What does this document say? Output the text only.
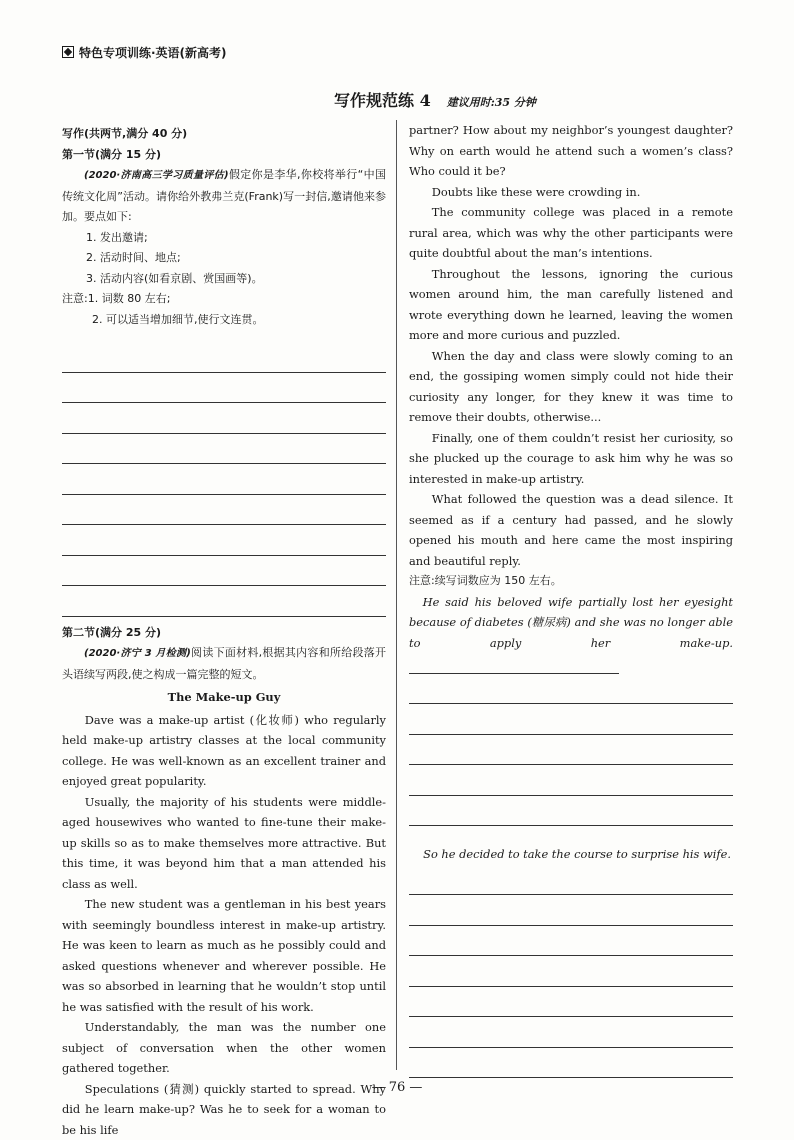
特色专项训练·英语(新高考)
写作规范练 4 建议用时:35 分钟

写作(共两节,满分 40 分)

第一节(满分 15 分)

(2020·济南高三学习质量评估)假定你是李华,你校将举行“中国传统文化周”活动。请你给外教弗兰克(Frank)写一封信,邀请他来参加。要点如下:

1. 发出邀请;

2. 活动时间、地点;

3. 活动内容(如看京剧、赏国画等)。

注意:1. 词数 80 左右;

2. 可以适当增加细节,使行文连贯。

第二节(满分 25 分)

(2020·济宁 3 月检测)阅读下面材料,根据其内容和所给段落开头语续写两段,使之构成一篇完整的短文。

The Make-up Guy

Dave was a make-up artist (化妆师) who regularly held make-up artistry classes at the local community college. He was well-known as an excellent trainer and enjoyed great popularity.

Usually, the majority of his students were middle-aged housewives who wanted to fine-tune their make-up skills so as to make themselves more attractive. But this time, it was beyond him that a man attended his class as well.

The new student was a gentleman in his best years with seemingly boundless interest in make-up artistry. He was keen to learn as much as he possibly could and asked questions whenever and wherever possible. He was so absorbed in learning that he wouldn’t stop until he was satisfied with the result of his work.

Understandably, the man was the number one subject of conversation when the other women gathered together.

Speculations (猜测) quickly started to spread. Why did he learn make-up? Was he to seek for a woman to be his life

partner? How about my neighbor’s youngest daughter? Why on earth would he attend such a women’s class? Who could it be?

Doubts like these were crowding in.

The community college was placed in a remote rural area, which was why the other participants were quite doubtful about the man’s intentions.

Throughout the lessons, ignoring the curious women around him, the man carefully listened and wrote everything down he learned, leaving the women more and more curious and puzzled.

When the day and class were slowly coming to an end, the gossiping women simply could not hide their curiosity any longer, for they knew it was time to remove their doubts, otherwise...

Finally, one of them couldn’t resist her curiosity, so she plucked up the courage to ask him why he was so interested in make-up artistry.

What followed the question was a dead silence. It seemed as if a century had passed, and he slowly opened his mouth and here came the most inspiring and beautiful reply.

注意:续写词数应为 150 左右。

He said his beloved wife partially lost her eyesight because of diabetes (糖尿病) and she was no longer able to apply her make-up.

So he decided to take the course to surprise his wife.

— 76 —
